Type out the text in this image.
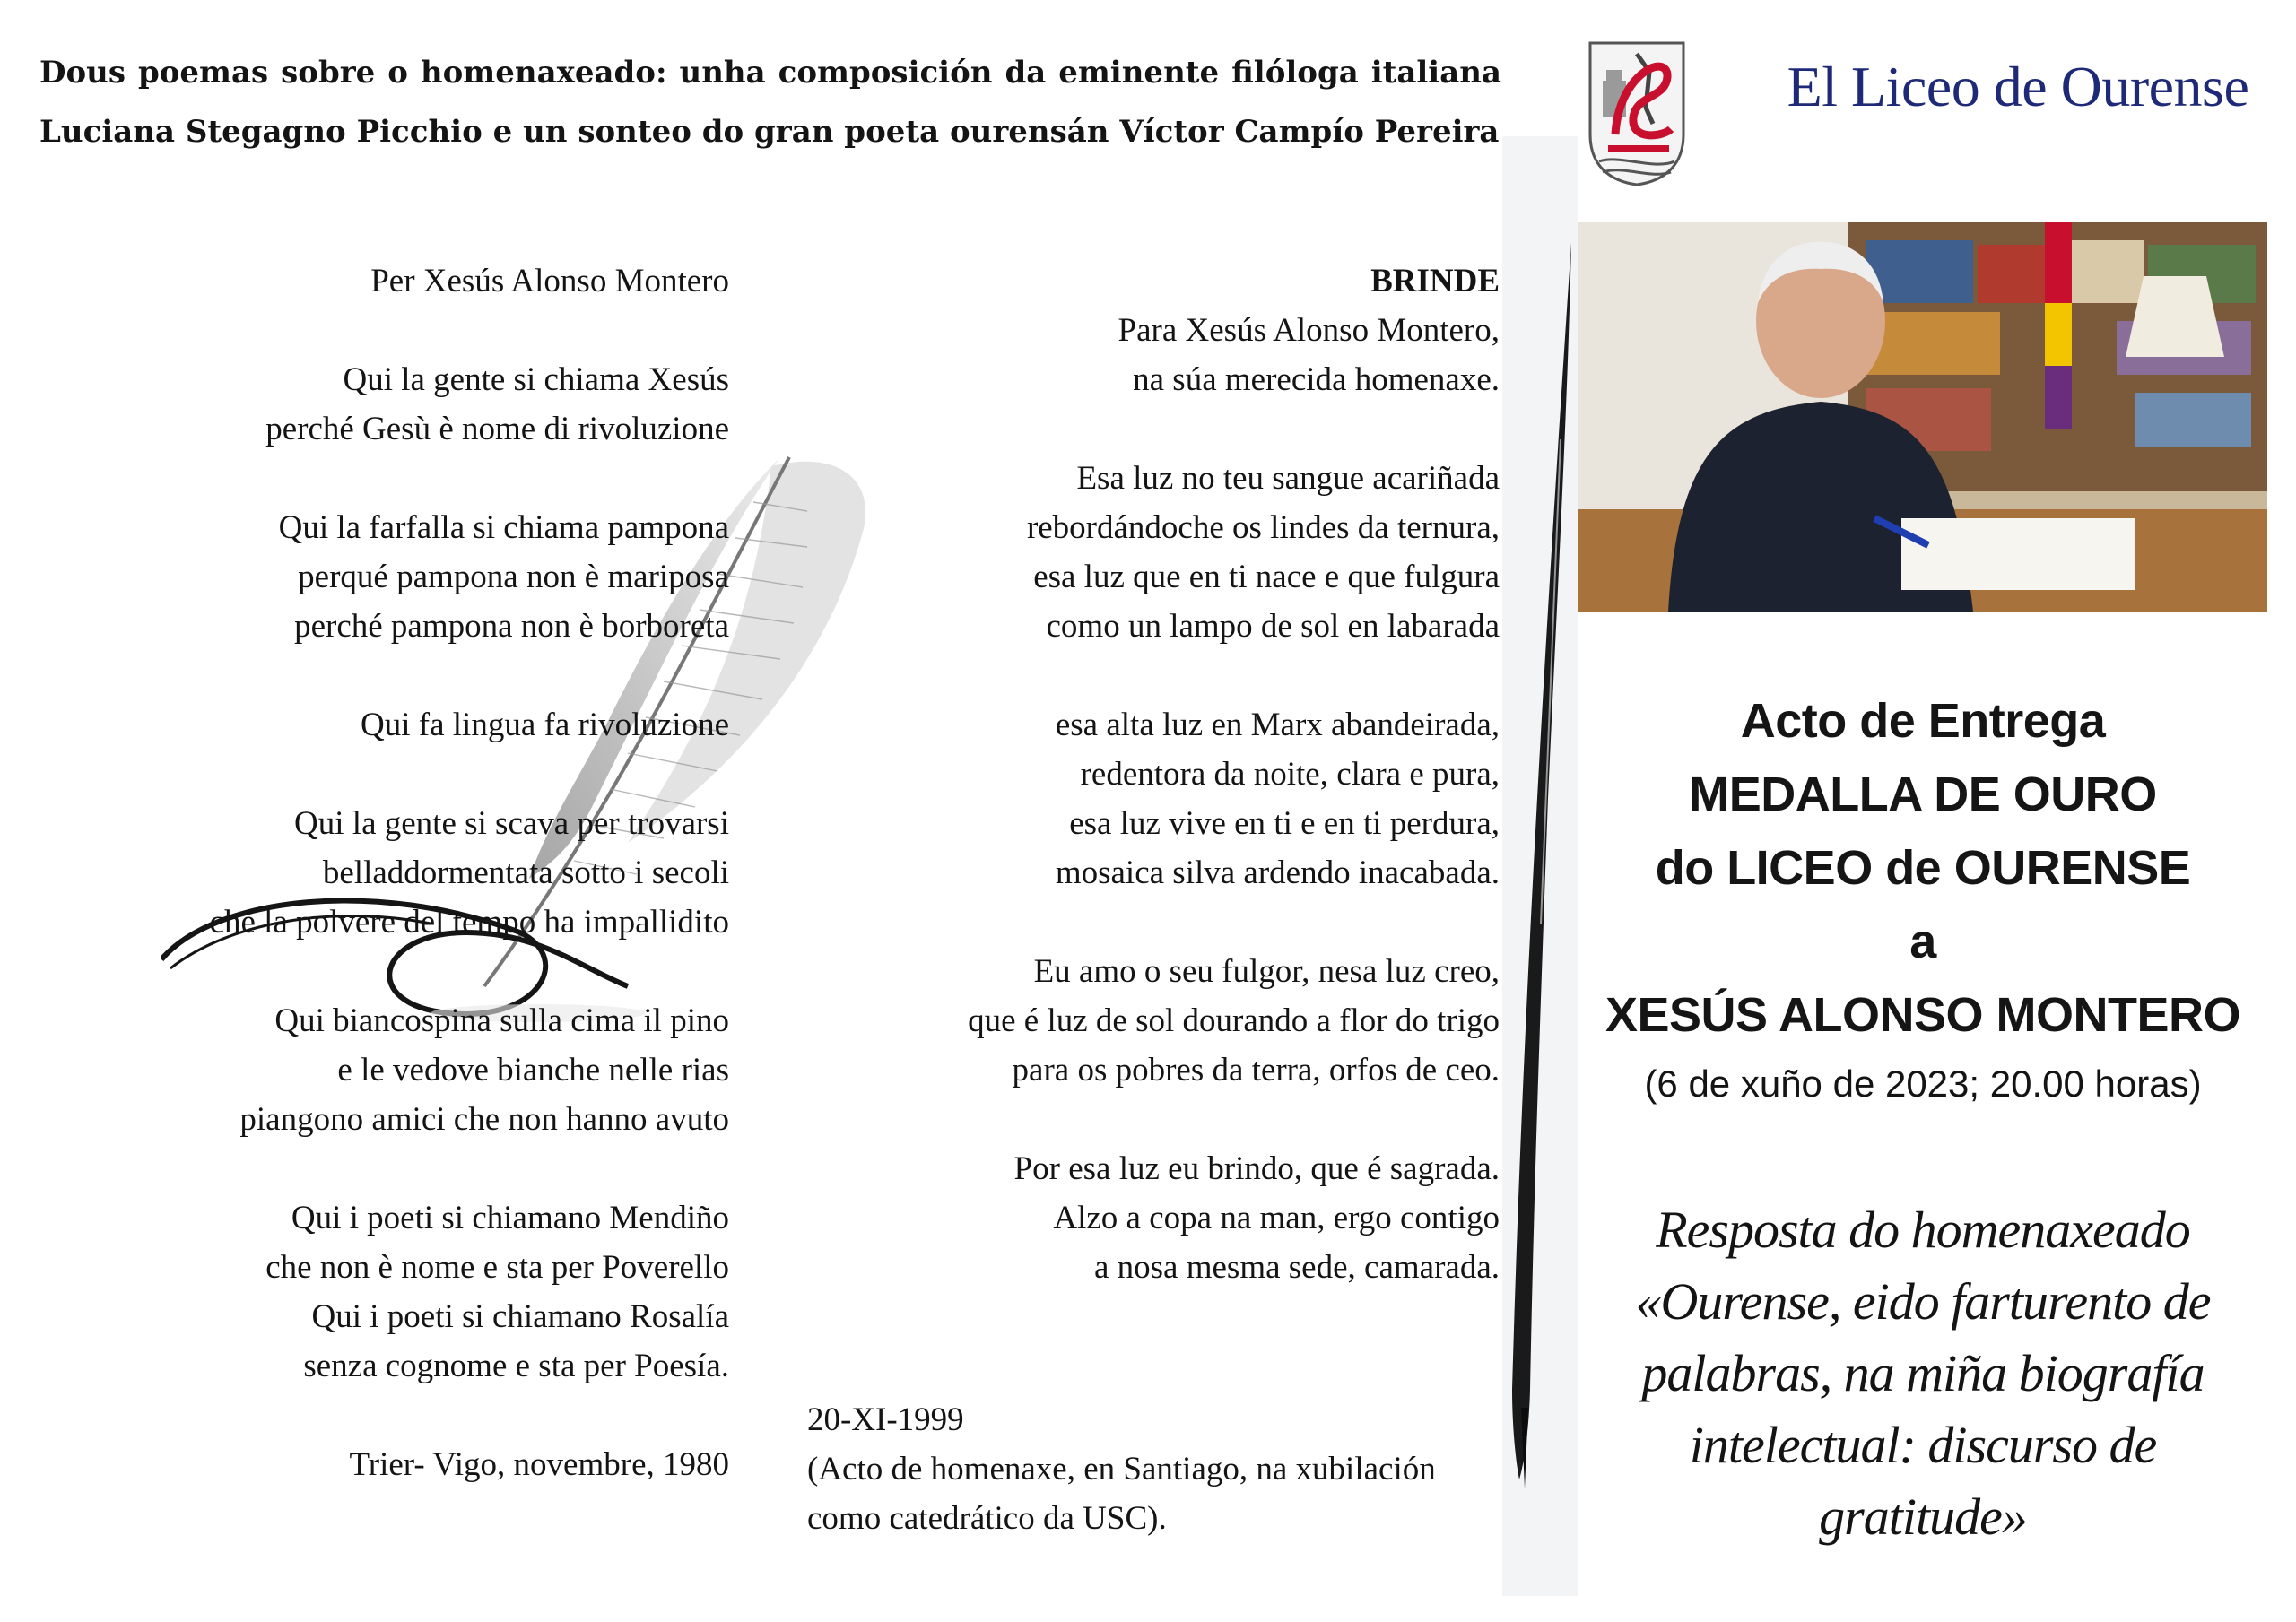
Dous poemas sobre o homenaxeado: unha composición da eminente filóloga italiana Luciana Stegagno Picchio e un sonteo do gran poeta ourensán Víctor Campío Pereira
Per Xesús Alonso Montero
Qui la gente si chiama Xesús
perché Gesù è nome di rivoluzione
Qui la farfalla si chiama pampona
perqué pampona non è mariposa
perché pampona non è borboreta
Qui fa lingua fa rivoluzione
Qui la gente si scava per trovarsi
belladdormentata sotto i secoli
che la polvere del tempo ha impallidito
Qui biancospina sulla cima il pino
e le vedove bianche nelle rias
piangono amici che non hanno avuto
Qui i poeti si chiamano Mendiño
che non è nome e sta per Poverello
Qui i poeti si chiamano Rosalía
senza cognome e sta per Poesía.
Trier- Vigo, novembre, 1980
BRINDE
Para Xesús Alonso Montero,
na súa merecida homenaxe.
Esa luz no teu sangue acariñada
rebordándoche os lindes da ternura,
esa luz que en ti nace e que fulgura
como un lampo de sol en labarada
esa alta luz en Marx abandeirada,
redentora da noite, clara e pura,
esa luz vive en ti e en ti perdura,
mosaica silva ardendo inacabada.
Eu amo o seu fulgor, nesa luz creo,
que é luz de sol dourando a flor do trigo
para os pobres da terra, orfos de ceo.
Por esa luz eu brindo, que é sagrada.
Alzo a copa na man, ergo contigo
a nosa mesma sede, camarada.
20-XI-1999
(Acto de homenaxe, en Santiago, na xubilación
como catedrático da USC).
El Liceo de Ourense
Acto de Entrega
MEDALLA DE OURO
do LICEO de OURENSE
a
XESÚS ALONSO MONTERO
(6 de xuño de 2023; 20.00 horas)
Resposta do homenaxeado
«Ourense, eido farturento de
palabras, na miña biografía
intelectual: discurso de
gratitude»
